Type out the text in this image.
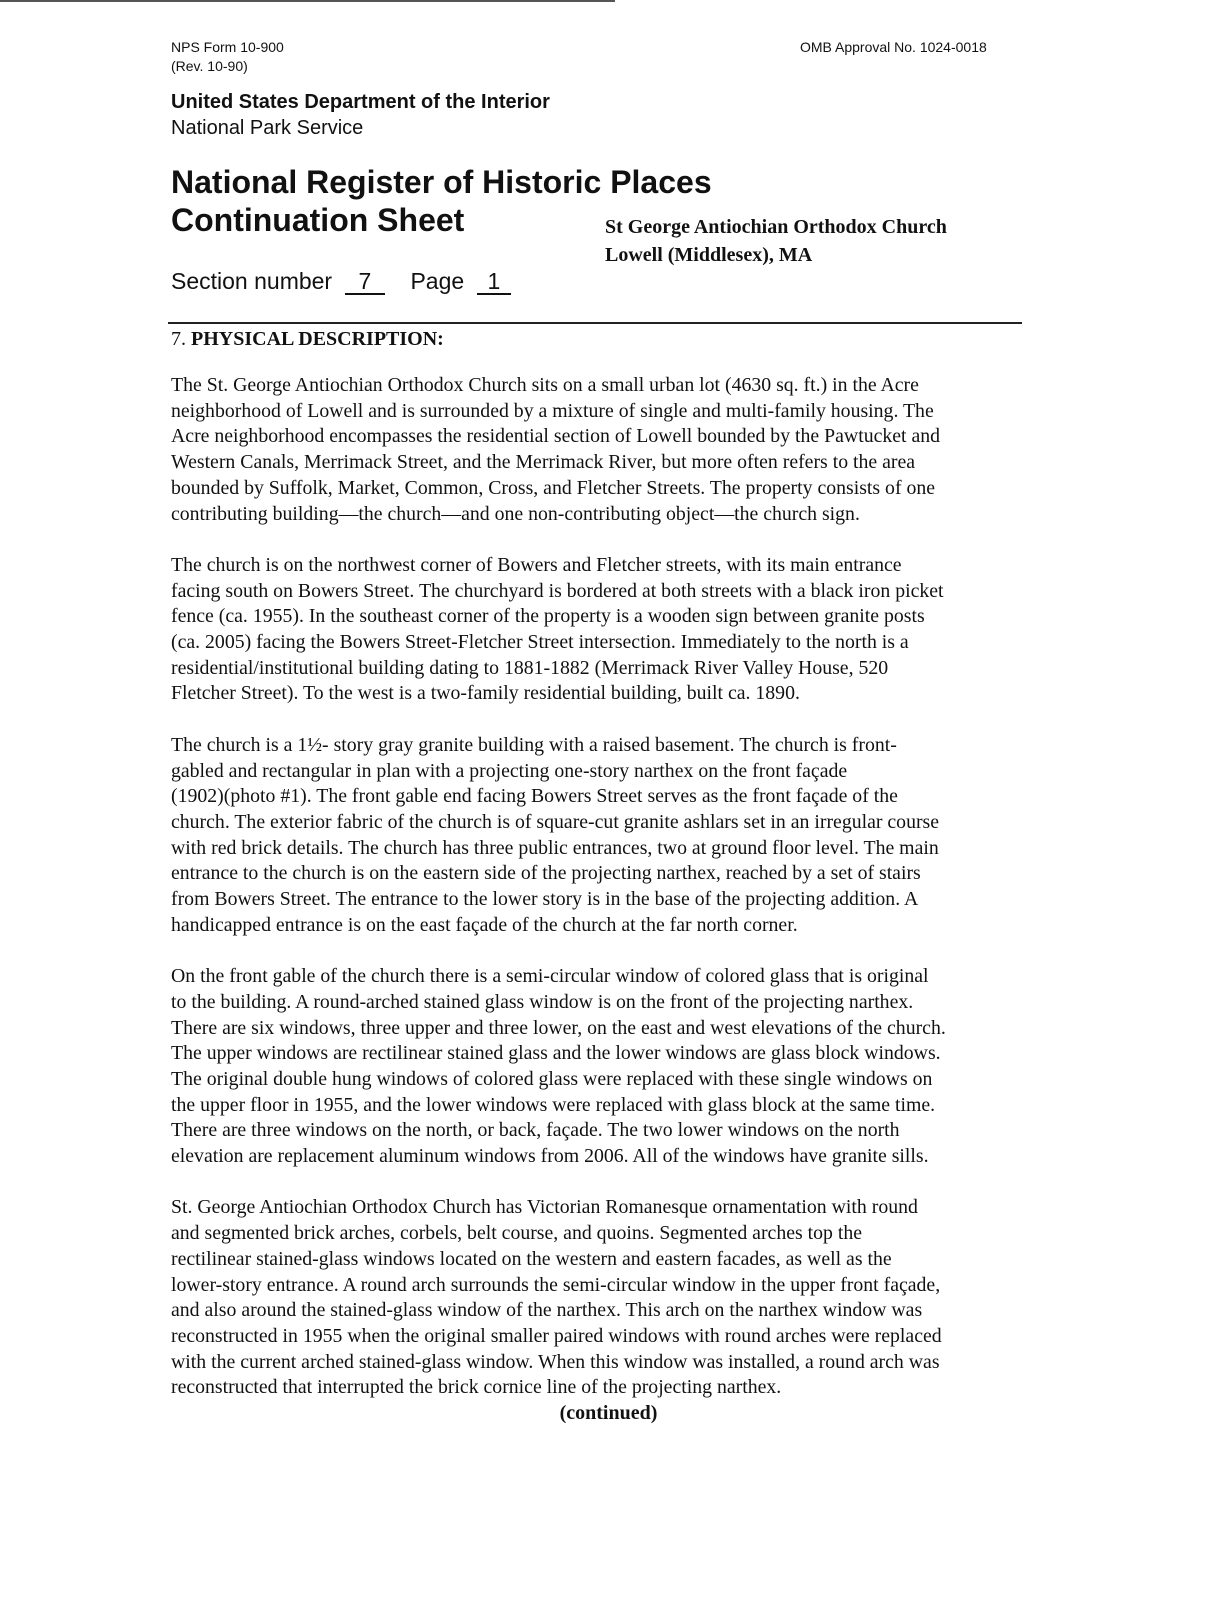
NPS Form 10-900
(Rev. 10-90)
OMB Approval No. 1024-0018
United States Department of the Interior
National Park Service
National Register of Historic Places
Continuation Sheet	St George Antiochian Orthodox Church
Lowell (Middlesex), MA
Section number 7 Page 1
7. PHYSICAL DESCRIPTION:

The St. George Antiochian Orthodox Church sits on a small urban lot (4630 sq. ft.) in the Acre
neighborhood of Lowell and is surrounded by a mixture of single and multi-family housing. The
Acre neighborhood encompasses the residential section of Lowell bounded by the Pawtucket and
Western Canals, Merrimack Street, and the Merrimack River, but more often refers to the area
bounded by Suffolk, Market, Common, Cross, and Fletcher Streets. The property consists of one
contributing building—the church—and one non-contributing object—the church sign.

The church is on the northwest corner of Bowers and Fletcher streets, with its main entrance
facing south on Bowers Street. The churchyard is bordered at both streets with a black iron picket
fence (ca. 1955). In the southeast corner of the property is a wooden sign between granite posts
(ca. 2005) facing the Bowers Street-Fletcher Street intersection. Immediately to the north is a
residential/institutional building dating to 1881-1882 (Merrimack River Valley House, 520
Fletcher Street). To the west is a two-family residential building, built ca. 1890.

The church is a 1½- story gray granite building with a raised basement. The church is front-
gabled and rectangular in plan with a projecting one-story narthex on the front façade
(1902)(photo #1). The front gable end facing Bowers Street serves as the front façade of the
church. The exterior fabric of the church is of square-cut granite ashlars set in an irregular course
with red brick details. The church has three public entrances, two at ground floor level. The main
entrance to the church is on the eastern side of the projecting narthex, reached by a set of stairs
from Bowers Street. The entrance to the lower story is in the base of the projecting addition. A
handicapped entrance is on the east façade of the church at the far north corner.

On the front gable of the church there is a semi-circular window of colored glass that is original
to the building. A round-arched stained glass window is on the front of the projecting narthex.
There are six windows, three upper and three lower, on the east and west elevations of the church.
The upper windows are rectilinear stained glass and the lower windows are glass block windows.
The original double hung windows of colored glass were replaced with these single windows on
the upper floor in 1955, and the lower windows were replaced with glass block at the same time.
There are three windows on the north, or back, façade. The two lower windows on the north
elevation are replacement aluminum windows from 2006. All of the windows have granite sills.

St. George Antiochian Orthodox Church has Victorian Romanesque ornamentation with round
and segmented brick arches, corbels, belt course, and quoins. Segmented arches top the
rectilinear stained-glass windows located on the western and eastern facades, as well as the
lower-story entrance. A round arch surrounds the semi-circular window in the upper front façade,
and also around the stained-glass window of the narthex. This arch on the narthex window was
reconstructed in 1955 when the original smaller paired windows with round arches were replaced
with the current arched stained-glass window. When this window was installed, a round arch was
reconstructed that interrupted the brick cornice line of the projecting narthex.

(continued)
